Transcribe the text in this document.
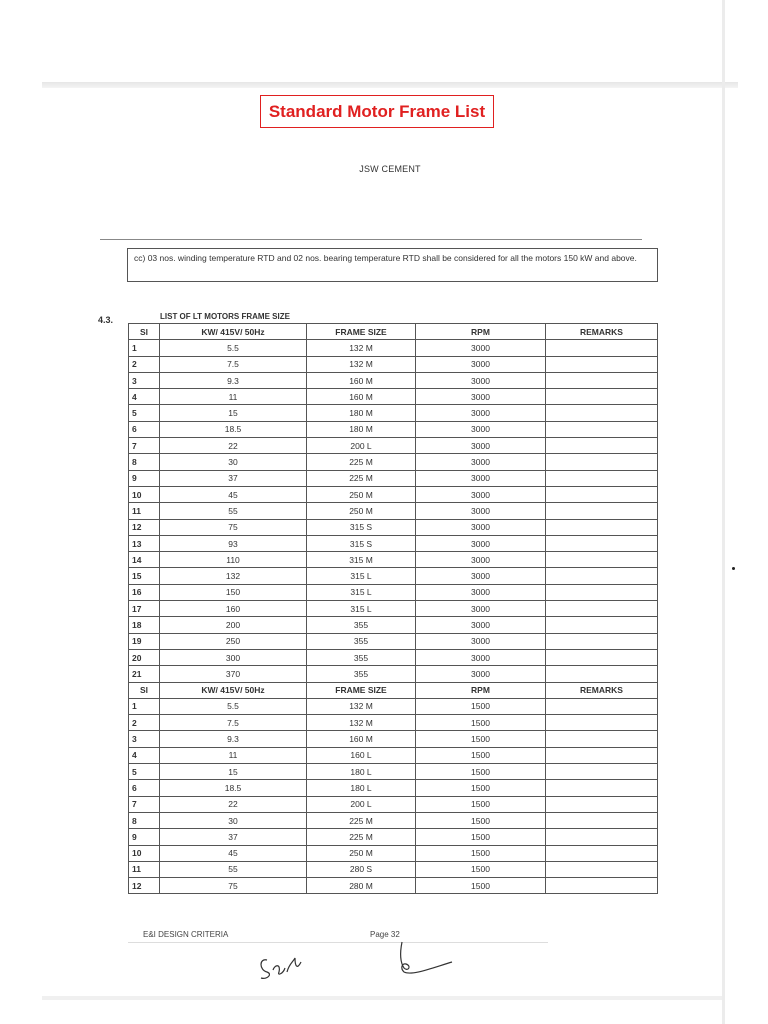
Standard Motor Frame List
JSW CEMENT
cc) 03 nos. winding temperature RTD and 02 nos. bearing temperature RTD shall be considered for all the motors 150 kW and above.
4.3.	LIST OF LT MOTORS FRAME SIZE
Sl	KW/ 415V/ 50Hz	FRAME SIZE	RPM	REMARKS
1	5.5	132 M	3000	
2	7.5	132 M	3000	
3	9.3	160 M	3000	
4	11	160 M	3000	
5	15	180 M	3000	
6	18.5	180 M	3000	
7	22	200 L	3000	
8	30	225 M	3000	
9	37	225 M	3000	
10	45	250 M	3000	
11	55	250 M	3000	
12	75	315 S	3000	
13	93	315 S	3000	
14	110	315 M	3000	
15	132	315 L	3000	
16	150	315 L	3000	
17	160	315 L	3000	
18	200	355	3000	
19	250	355	3000	
20	300	355	3000	
21	370	355	3000	
Sl	KW/ 415V/ 50Hz	FRAME SIZE	RPM	REMARKS
1	5.5	132 M	1500	
2	7.5	132 M	1500	
3	9.3	160 M	1500	
4	11	160 L	1500	
5	15	180 L	1500	
6	18.5	180 L	1500	
7	22	200 L	1500	
8	30	225 M	1500	
9	37	225 M	1500	
10	45	250 M	1500	
11	55	280 S	1500	
12	75	280 M	1500	
E&I DESIGN CRITERIA	Page 32
